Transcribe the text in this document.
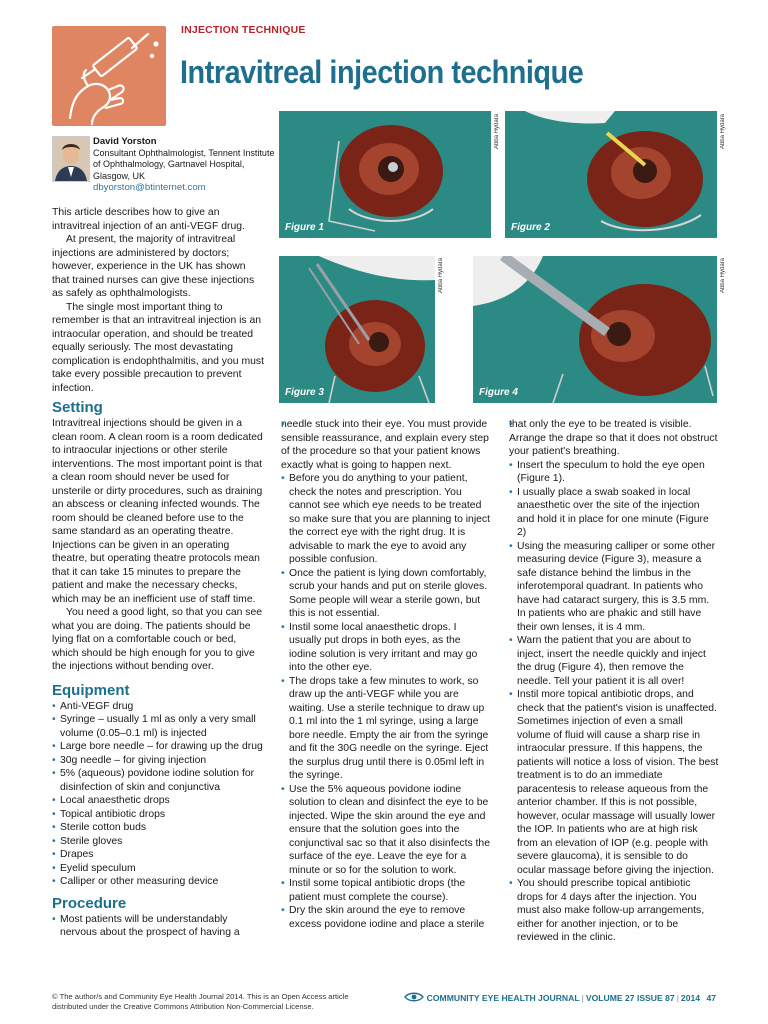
INJECTION TECHNIQUE
Intravitreal injection technique
David Yorston
Consultant Ophthalmologist, Tennent Institute of Ophthalmology, Gartnavel Hospital, Glasgow, UK
dbyorston@btinternet.com

This article describes how to give an intravitreal injection of an anti-VEGF drug.

At present, the majority of intravitreal injections are administered by doctors; however, experience in the UK has shown that trained nurses can give these injections as safely as ophthalmologists.

The single most important thing to remember is that an intravitreal injection is an intraocular operation, and should be treated equally seriously. The most devastating complication is endophthalmitis, and you must take every possible precaution to prevent infection.

Figure 1
Abba Hydara
Figure 2
Abba Hydara
Figure 3
Abba Hydara
Figure 4
Abba Hydara
Setting

Intravitreal injections should be given in a clean room. A clean room is a room dedicated to intraocular injections or other sterile interventions. The most important point is that a clean room should never be used for unsterile or dirty procedures, such as draining an abscess or cleaning infected wounds. The room should be cleaned before use to the same standard as an operating theatre. Injections can be given in an operating theatre, but operating theatre protocols mean that it can take 15 minutes to prepare the patient and make the necessary checks, which may be an inefficient use of staff time.

You need a good light, so that you can see what you are doing. The patients should be lying flat on a comfortable couch or bed, which should be high enough for you to give the injections without bending over.

Equipment
• Anti-VEGF drug
• Syringe – usually 1 ml as only a very small volume (0.05–0.1 ml) is injected
• Large bore needle – for drawing up the drug
• 30g needle – for giving injection
• 5% (aqueous) povidone iodine solution for disinfection of skin and conjunctiva
• Local anaesthetic drops
• Topical antibiotic drops
• Sterile cotton buds
• Sterile gloves
• Drapes
• Eyelid speculum
• Calliper or other measuring device
Procedure
• Most patients will be understandably nervous about the prospect of having a
• needle stuck into their eye. You must provide sensible reassurance, and explain every step of the procedure so that your patient knows exactly what is going to happen next.
• Before you do anything to your patient, check the notes and prescription. You cannot see which eye needs to be treated so make sure that you are planning to inject the correct eye with the right drug. It is advisable to mark the eye to avoid any possible confusion.
• Once the patient is lying down comfortably, scrub your hands and put on sterile gloves. Some people will wear a sterile gown, but this is not essential.
• Instil some local anaesthetic drops. I usually put drops in both eyes, as the iodine solution is very irritant and may go into the other eye.
• The drops take a few minutes to work, so draw up the anti-VEGF while you are waiting. Use a sterile technique to draw up 0.1 ml into the 1 ml syringe, using a large bore needle. Empty the air from the syringe and fit the 30G needle on the syringe. Eject the surplus drug until there is 0.05ml left in the syringe.
• Use the 5% aqueous povidone iodine solution to clean and disinfect the eye to be injected. Wipe the skin around the eye and ensure that the solution goes into the conjunctival sac so that it also disinfects the surface of the eye. Leave the eye for a minute or so for the solution to work.
• Instil some topical antibiotic drops (the patient must complete the course).
• Dry the skin around the eye to remove excess povidone iodine and place a sterile
• that only the eye to be treated is visible. Arrange the drape so that it does not obstruct your patient's breathing.
• Insert the speculum to hold the eye open (Figure 1).
• I usually place a swab soaked in local anaesthetic over the site of the injection and hold it in place for one minute (Figure 2)
• Using the measuring calliper or some other measuring device (Figure 3), measure a safe distance behind the limbus in the inferotemporal quadrant. In patients who have had cataract surgery, this is 3.5 mm. In patients who are phakic and still have their own lenses, it is 4 mm.
• Warn the patient that you are about to inject, insert the needle quickly and inject the drug (Figure 4), then remove the needle. Tell your patient it is all over!
• Instil more topical antibiotic drops, and check that the patient's vision is unaffected. Sometimes injection of even a small volume of fluid will cause a sharp rise in intraocular pressure. If this happens, the patients will notice a loss of vision. The best treatment is to do an immediate paracentesis to release aqueous from the anterior chamber. If this is not possible, however, ocular massage will usually lower the IOP. In patients who are at high risk from an elevation of IOP (e.g. people with severe glaucoma), it is sensible to do ocular massage before giving the injection.
• You should prescribe topical antibiotic drops for 4 days after the injection. You must also make follow-up arrangements, either for another injection, or to be reviewed in the clinic.
© The author/s and Community Eye Health Journal 2014. This is an Open Access article distributed under the Creative Commons Attribution Non-Commercial License.
COMMUNITY EYE HEALTH JOURNAL | VOLUME 27 ISSUE 87 | 2014 47
